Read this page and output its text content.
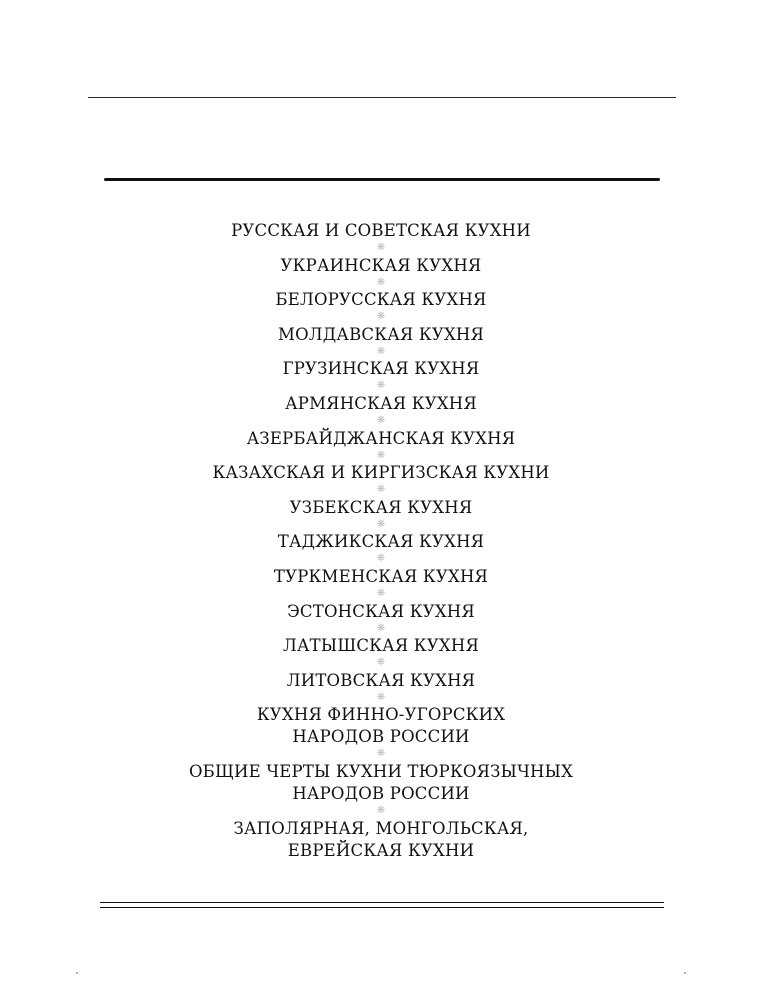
РУССКАЯ И СОВЕТСКАЯ КУХНИ
❋
УКРАИНСКАЯ КУХНЯ
❋
БЕЛОРУССКАЯ КУХНЯ
❋
МОЛДАВСКАЯ КУХНЯ
❋
ГРУЗИНСКАЯ КУХНЯ
❋
АРМЯНСКАЯ КУХНЯ
❋
АЗЕРБАЙДЖАНСКАЯ КУХНЯ
❋
КАЗАХСКАЯ И КИРГИЗСКАЯ КУХНИ
❋
УЗБЕКСКАЯ КУХНЯ
❋
ТАДЖИКСКАЯ КУХНЯ
❋
ТУРКМЕНСКАЯ КУХНЯ
❋
ЭСТОНСКАЯ КУХНЯ
❋
ЛАТЫШСКАЯ КУХНЯ
❋
ЛИТОВСКАЯ КУХНЯ
❋
КУХНЯ ФИННО-УГОРСКИХ
НАРОДОВ РОССИИ
❋
ОБЩИЕ ЧЕРТЫ КУХНИ ТЮРКОЯЗЫЧНЫХ
НАРОДОВ РОССИИ
❋
ЗАПОЛЯРНАЯ, МОНГОЛЬСКАЯ,
ЕВРЕЙСКАЯ КУХНИ
